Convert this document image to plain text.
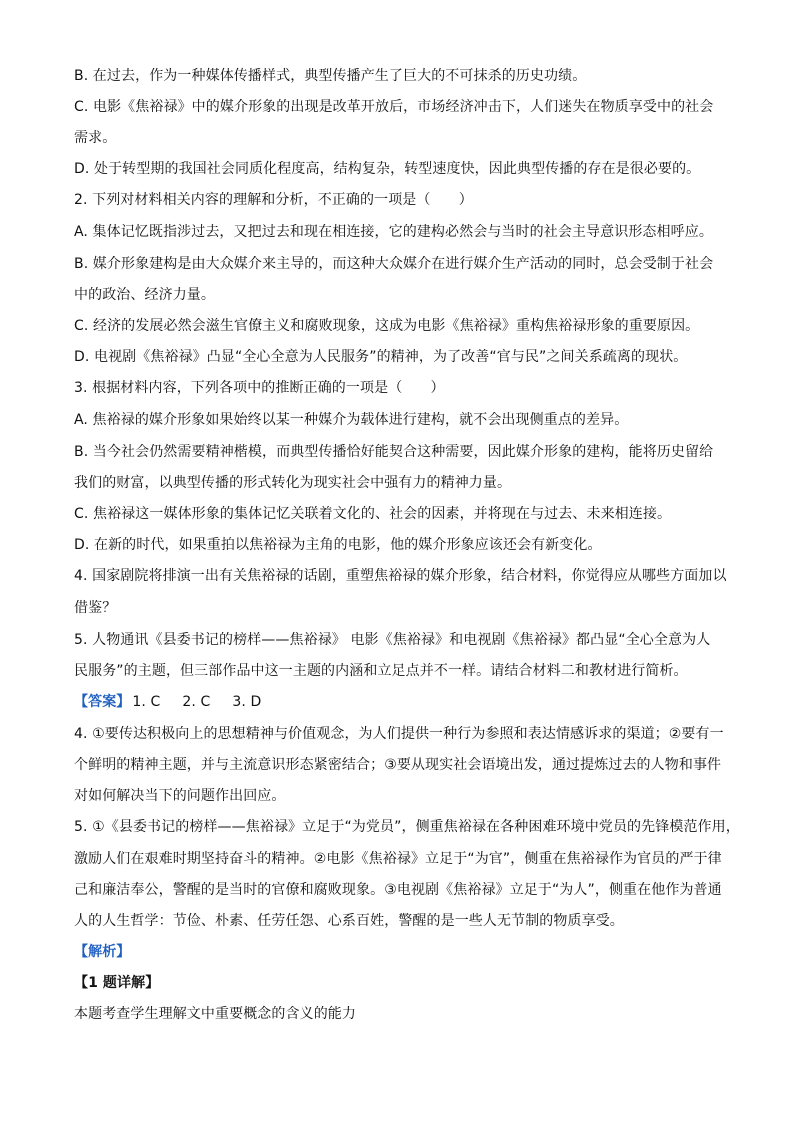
B. 在过去，作为一种媒体传播样式，典型传播产生了巨大的不可抹杀的历史功绩。
C. 电影《焦裕禄》中的媒介形象的出现是改革开放后，市场经济冲击下，人们迷失在物质享受中的社会
需求。
D. 处于转型期的我国社会同质化程度高，结构复杂，转型速度快，因此典型传播的存在是很必要的。
2. 下列对材料相关内容的理解和分析，不正确的一项是（　　）
A. 集体记忆既指涉过去，又把过去和现在相连接，它的建构必然会与当时的社会主导意识形态相呼应。
B. 媒介形象建构是由大众媒介来主导的，而这种大众媒介在进行媒介生产活动的同时，总会受制于社会
中的政治、经济力量。
C. 经济的发展必然会滋生官僚主义和腐败现象，这成为电影《焦裕禄》重构焦裕禄形象的重要原因。
D. 电视剧《焦裕禄》凸显“全心全意为人民服务”的精神，为了改善“官与民”之间关系疏离的现状。
3. 根据材料内容，下列各项中的推断正确的一项是（　　）
A. 焦裕禄的媒介形象如果始终以某一种媒介为载体进行建构，就不会出现侧重点的差异。
B. 当今社会仍然需要精神楷模，而典型传播恰好能契合这种需要，因此媒介形象的建构，能将历史留给
我们的财富，以典型传播的形式转化为现实社会中强有力的精神力量。
C. 焦裕禄这一媒体形象的集体记忆关联着文化的、社会的因素，并将现在与过去、未来相连接。
D. 在新的时代，如果重拍以焦裕禄为主角的电影，他的媒介形象应该还会有新变化。
4. 国家剧院将排演一出有关焦裕禄的话剧，重塑焦裕禄的媒介形象，结合材料，你觉得应从哪些方面加以
借鉴？
5. 人物通讯《县委书记的榜样——焦裕禄》 电影《焦裕禄》和电视剧《焦裕禄》都凸显“全心全意为人
民服务”的主题，但三部作品中这一主题的内涵和立足点并不一样。请结合材料二和教材进行简析。
【答案】 1. C 2. C 3. D
4. ①要传达积极向上的思想精神与价值观念，为人们提供一种行为参照和表达情感诉求的渠道；②要有一
个鲜明的精神主题，并与主流意识形态紧密结合；③要从现实社会语境出发，通过提炼过去的人物和事件
对如何解决当下的问题作出回应。
5. ①《县委书记的榜样——焦裕禄》立足于“为党员”，侧重焦裕禄在各种困难环境中党员的先锋模范作用，
激励人们在艰难时期坚持奋斗的精神。②电影《焦裕禄》立足于“为官”，侧重在焦裕禄作为官员的严于律
己和廉洁奉公，警醒的是当时的官僚和腐败现象。③电视剧《焦裕禄》立足于“为人”，侧重在他作为普通
人的人生哲学：节俭、朴素、任劳任怨、心系百姓，警醒的是一些人无节制的物质享受。
【解析】
【1 题详解】
本题考查学生理解文中重要概念的含义的能力
